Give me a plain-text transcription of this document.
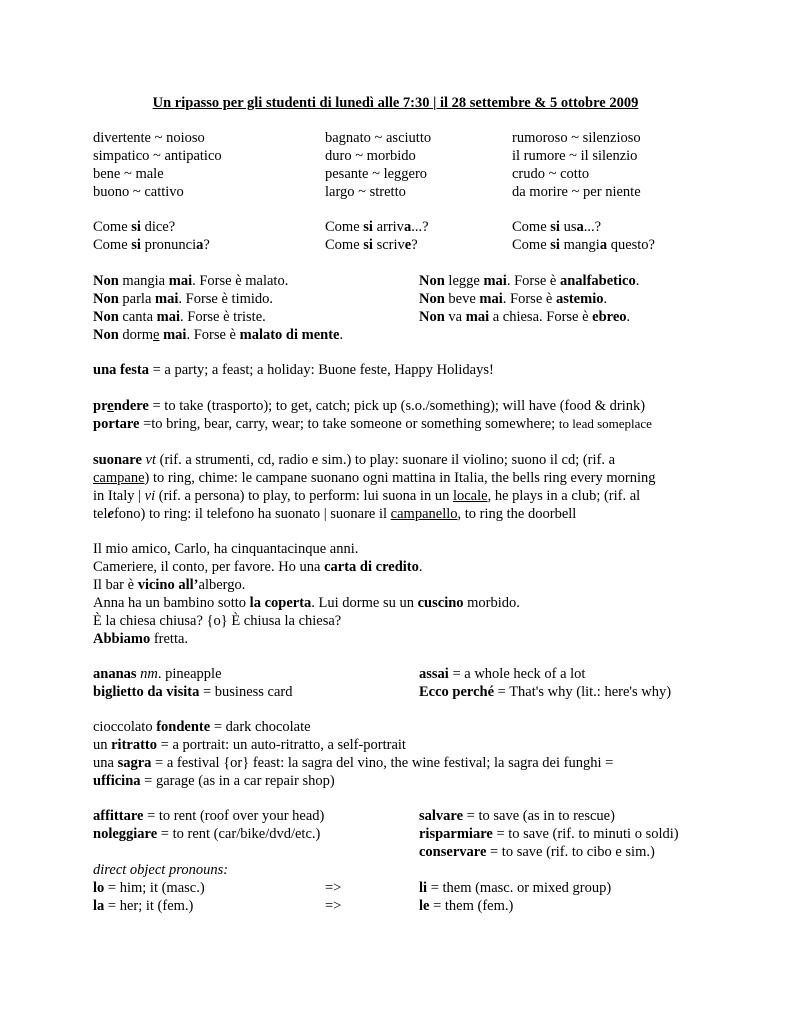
Un ripasso per gli studenti di lunedì alle 7:30 | il 28 settembre & 5 ottobre 2009
divertente ~ noioso
simpatico ~ antipatico
bene ~ male
buono ~ cattivo
bagnato ~ asciutto
duro ~ morbido
pesante ~ leggero
largo ~ stretto
rumoroso ~ silenzioso
il rumore ~ il silenzio
crudo ~ cotto
da morire ~ per niente
Come si dice?
Come si pronuncia?
Come si arriva...?
Come si scrive?
Come si usa...?
Come si mangia questo?
Non mangia mai. Forse è malato.
Non parla mai. Forse è timido.
Non canta mai. Forse è triste.
Non dorme mai. Forse è malato di mente.
Non legge mai. Forse è analfabetico.
Non beve mai. Forse è astemio.
Non va mai a chiesa. Forse è ebreo.
una festa = a party; a feast; a holiday: Buone feste, Happy Holidays!
prendere = to take (trasporto); to get, catch; pick up (s.o./something); will have (food & drink)
portare =to bring, bear, carry, wear; to take someone or something somewhere; to lead someplace
suonare vt (rif. a strumenti, cd, radio e sim.) to play: suonare il violino; suono il cd; (rif. a
campane) to ring, chime: le campane suonano ogni mattina in Italia, the bells ring every morning
in Italy | vi (rif. a persona) to play, to perform: lui suona in un locale, he plays in a club; (rif. al
telefono) to ring: il telefono ha suonato | suonare il campanello, to ring the doorbell
Il mio amico, Carlo, ha cinquantacinque anni.
Cameriere, il conto, per favore. Ho una carta di credito.
Il bar è vicino all’albergo.
Anna ha un bambino sotto la coperta. Lui dorme su un cuscino morbido.
È la chiesa chiusa? {o} È chiusa la chiesa?
Abbiamo fretta.
ananas nm. pineapple
biglietto da visita = business card
assai = a whole heck of a lot
Ecco perché = That's why (lit.: here's why)
cioccolato fondente = dark chocolate
un ritratto = a portrait: un auto-ritratto, a self-portrait
una sagra = a festival {or} feast: la sagra del vino, the wine festival; la sagra dei funghi =
ufficina = garage (as in a car repair shop)
affittare = to rent (roof over your head)
noleggiare = to rent (car/bike/dvd/etc.)
salvare = to save (as in to rescue)
risparmiare = to save (rif. to minuti o soldi)
conservare = to save (rif. to cibo e sim.)
direct object pronouns:
lo = him; it (masc.)
la = her; it (fem.)
=>
=>
li = them (masc. or mixed group)
le = them (fem.)
